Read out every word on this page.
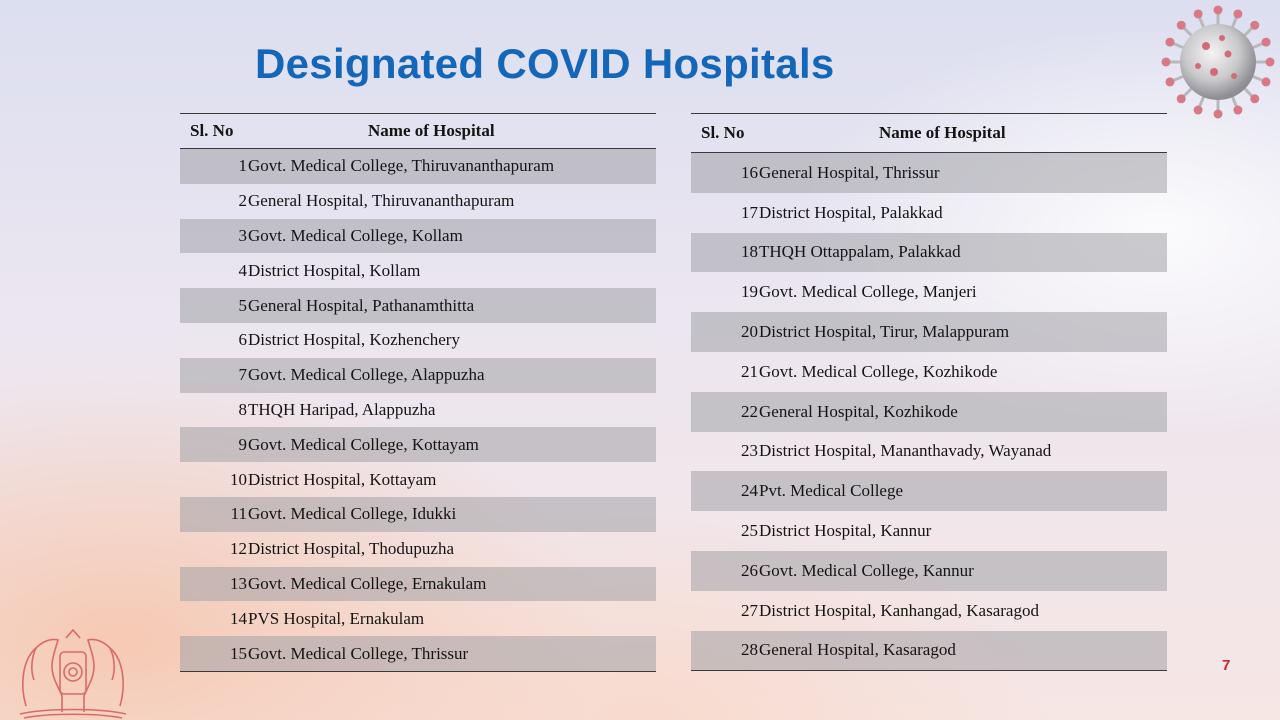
Designated COVID Hospitals
7
Sl. No	Name of Hospital
1	Govt. Medical College, Thiruvananthapuram
2	General Hospital, Thiruvananthapuram
3	Govt. Medical College, Kollam
4	District Hospital, Kollam
5	General Hospital, Pathanamthitta
6	District Hospital, Kozhenchery
7	Govt. Medical College, Alappuzha
8	THQH Haripad, Alappuzha
9	Govt. Medical College, Kottayam
10	District Hospital, Kottayam
11	Govt. Medical College, Idukki
12	District Hospital, Thodupuzha
13	Govt. Medical College, Ernakulam
14	PVS Hospital, Ernakulam
15	Govt. Medical College, Thrissur
Sl. No	Name of Hospital
16	General Hospital, Thrissur
17	District Hospital, Palakkad
18	THQH Ottappalam, Palakkad
19	Govt. Medical College, Manjeri
20	District Hospital, Tirur, Malappuram
21	Govt. Medical College, Kozhikode
22	General Hospital, Kozhikode
23	District Hospital, Mananthavady, Wayanad
24	Pvt. Medical College
25	District Hospital, Kannur
26	Govt. Medical College, Kannur
27	District Hospital, Kanhangad, Kasaragod
28	General Hospital, Kasaragod
